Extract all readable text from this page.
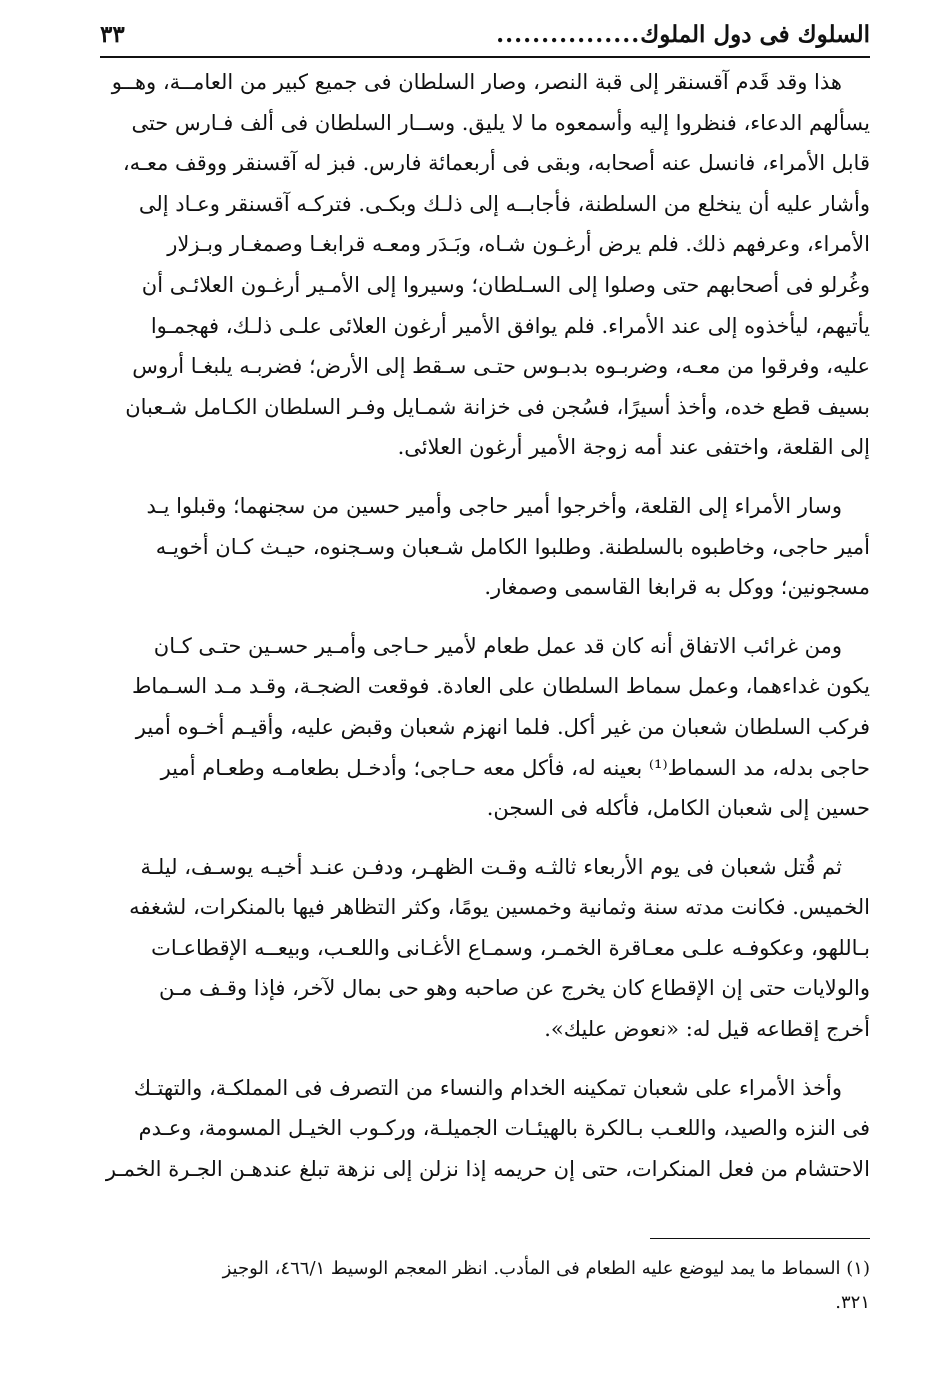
السلوك فى دول الملوك
................
٣٣

هذا وقد قَدم آقسنقر إلى قبة النصر، وصار السلطان فى جميع كبير من العامــة، وهــو

يسألهم الدعاء، فنظروا إليه وأسمعوه ما لا يليق. وســار السلطان فى ألف فـارس حتى

قابل الأمراء، فانسل عنه أصحابه، وبقى فى أربعمائة فارس. فبز له آقسنقر ووقف معـه،

وأشار عليه أن ينخلع من السلطنة، فأجابــه إلى ذلـك وبكـى. فتركـه آقسنقر وعـاد إلى

الأمراء، وعرفهم ذلك. فلم يرض أرغـون شـاه، وبَـدَر ومعـه قرابغـا وصمغـار وبـزلار

وغُرلو فى أصحابهم حتى وصلوا إلى السـلطان؛ وسيروا إلى الأمـير أرغـون العلائـى أن

يأتيهم، ليأخذوه إلى عند الأمراء. فلم يوافق الأمير أرغون العلائى علـى ذلـك، فهجمـوا

عليه، وفرقوا من معـه، وضربـوه بدبـوس حتـى سـقط إلى الأرض؛ فضربـه يلبغـا أروس

بسيف قطع خده، وأخذ أسيرًا، فسُجن فى خزانة شمـايل وفـر السلطان الكـامل شـعبان

إلى القلعة، واختفى عند أمه زوجة الأمير أرغون العلائى.

وسار الأمراء إلى القلعة، وأخرجوا أمير حاجى وأمير حسين من سجنهما؛ وقبلوا يـد

أمير حاجى، وخاطبوه بالسلطنة. وطلبوا الكامل شـعبان وسـجنوه، حيـث كـان أخويـه

مسجونين؛ ووكل به قرابغا القاسمى وصمغار.

ومن غرائب الاتفاق أنه كان قد عمل طعام لأمير حـاجى وأمـير حسـين حتـى كـان

يكون غداءهما، وعمل سماط السلطان على العادة. فوقعت الضجـة، وقـد مـد السـماط

فركب السلطان شعبان من غير أكل. فلما انهزم شعبان وقبض عليه، وأقيـم أخـوه أمير

حاجى بدله، مد السماط⁽¹⁾ بعينه له، فأكل معه حـاجى؛ وأدخـل بطعامـه وطعـام أمير

حسين إلى شعبان الكامل، فأكله فى السجن.

ثم قُتل شعبان فى يوم الأربعاء ثالثـه وقـت الظهـر، ودفـن عنـد أخيـه يوسـف، ليلـة

الخميس. فكانت مدته سنة وثمانية وخمسين يومًا، وكثر التظاهر فيها بالمنكرات، لشغفه

بـاللهو، وعكوفـه علـى معـاقرة الخمـر، وسمـاع الأغـانى واللعـب، وبيعــه الإقطاعـات

والولايات حتى إن الإقطاع كان يخرج عن صاحبه وهو حى بمال لآخر، فإذا وقـف مـن

أخرج إقطاعه قيل له: «نعوض عليك».

وأخذ الأمراء على شعبان تمكينه الخدام والنساء من التصرف فى المملكـة، والتهتـك

فى النزه والصيد، واللعـب بـالكرة بالهيئـات الجميلـة، وركـوب الخيـل المسومة، وعـدم

الاحتشام من فعل المنكرات، حتى إن حريمه إذا نزلن إلى نزهة تبلغ عندهـن الجـرة الخمـر

(١) السماط ما يمد ليوضع عليه الطعام فى المأدب. انظر المعجم الوسيط ٤٦٦/١، الوجيز
٣٢١.
